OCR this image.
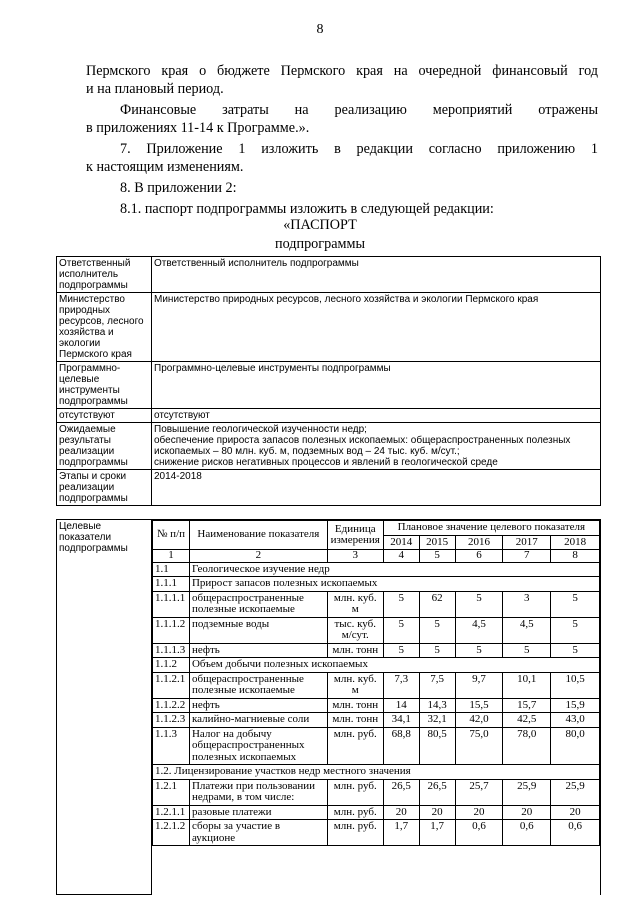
8

Пермского края о бюджете Пермского края на очередной финансовый год

и на плановый период.

Финансовые затраты на реализацию мероприятий отражены

в приложениях 11-14 к Программе.».

7. Приложение 1 изложить в редакции согласно приложению 1

к настоящим изменениям.

8. В приложении 2:

8.1. паспорт подпрограммы изложить в следующей редакции:

«ПАСПОРТ
подпрограммы
Ответственный исполнитель подпрограммы	Ответственный исполнитель подпрограммы
Министерство природных ресурсов, лесного хозяйства и экологии Пермского края	Министерство природных ресурсов, лесного хозяйства и экологии Пермского края
Программно-целевые инструменты подпрограммы	Программно-целевые инструменты подпрограммы
отсутствуют	отсутствуют
Ожидаемые результаты реализации подпрограммы	Повышение геологической изученности недр;
обеспечение прироста запасов полезных ископаемых: общераспространенных полезных ископаемых – 80 млн. куб. м, подземных вод – 24 тыс. куб. м/сут.;
снижение рисков негативных процессов и явлений в геологической среде

Этапы и сроки реализации подпрограммы	2014-2018
Целевые показатели подпрограммы	
№ п/п	Наименование показателя	Единица измерения	Плановое значение целевого показателя
2014	2015	2016	2017	2018
1	2	3	4	5	6	7	8
1.1	Геологическое изучение недр
1.1.1	Прирост запасов полезных ископаемых
1.1.1.1	общераспространенные полезные ископаемые	млн. куб. м	5	62	5	3	5
1.1.1.2	подземные воды	тыс. куб. м/сут.	5	5	4,5	4,5	5
1.1.1.3	нефть	млн. тонн	5	5	5	5	5
1.1.2	Объем добычи полезных ископаемых
1.1.2.1	общераспространенные полезные ископаемые	млн. куб. м	7,3	7,5	9,7	10,1	10,5
1.1.2.2	нефть	млн. тонн	14	14,3	15,5	15,7	15,9
1.1.2.3	калийно-магниевые соли	млн. тонн	34,1	32,1	42,0	42,5	43,0
1.1.3	Налог на добычу общераспространенных полезных ископаемых	млн. руб.	68,8	80,5	75,0	78,0	80,0
1.2. Лицензирование участков недр местного значения
1.2.1	Платежи при пользовании недрами, в том числе:	млн. руб.	26,5	26,5	25,7	25,9	25,9
1.2.1.1	разовые платежи	млн. руб.	20	20	20	20	20
1.2.1.2	сборы за участие в аукционе	млн. руб.	1,7	1,7	0,6	0,6	0,6
